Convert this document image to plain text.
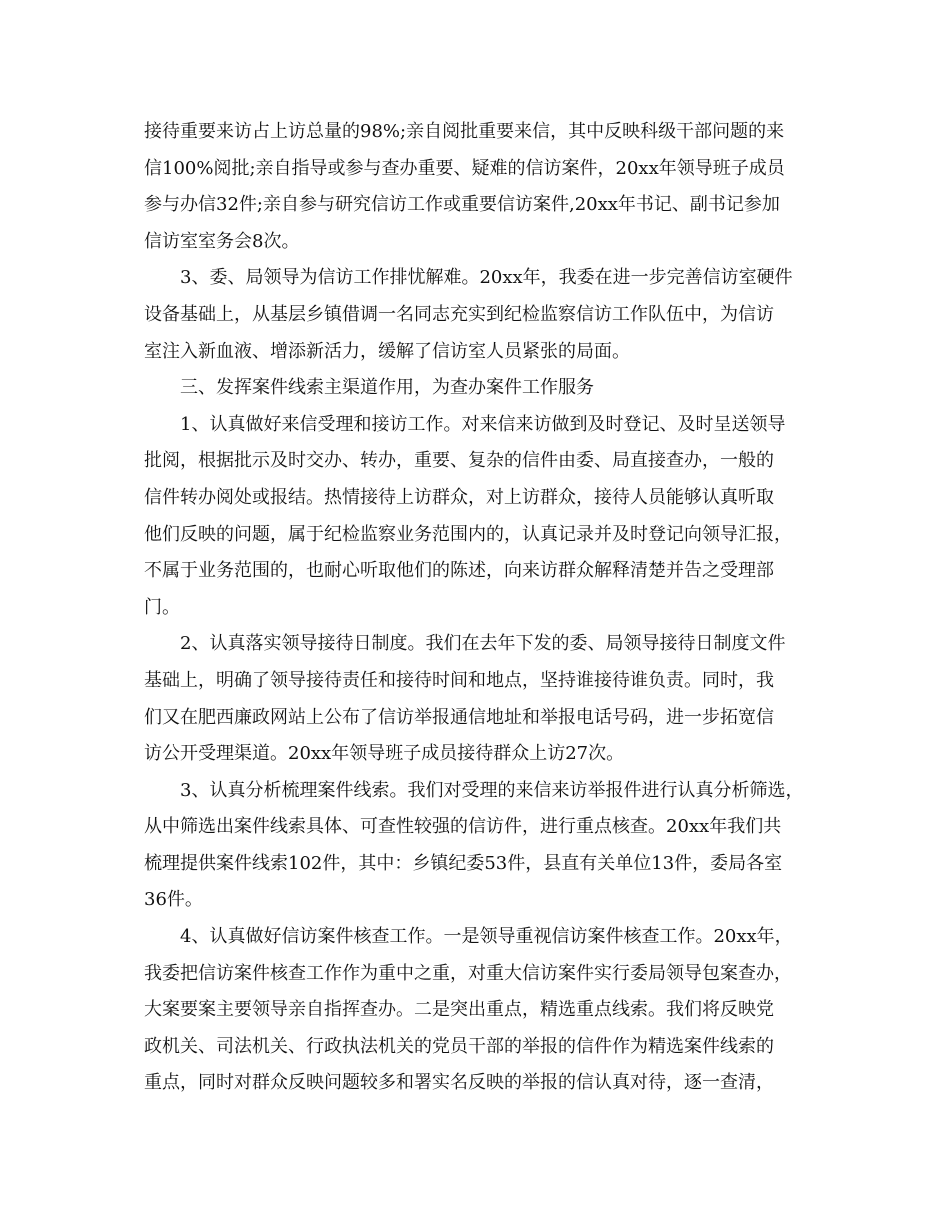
接待重要来访占上访总量的98%;亲自阅批重要来信，其中反映科级干部问题的来
信100%阅批;亲自指导或参与查办重要、疑难的信访案件，20xx年领导班子成员
参与办信32件;亲自参与研究信访工作或重要信访案件,20xx年书记、副书记参加
信访室室务会8次。
3、委、局领导为信访工作排忧解难。20xx年，我委在进一步完善信访室硬件
设备基础上，从基层乡镇借调一名同志充实到纪检监察信访工作队伍中，为信访
室注入新血液、增添新活力，缓解了信访室人员紧张的局面。
三、发挥案件线索主渠道作用，为查办案件工作服务
1、认真做好来信受理和接访工作。对来信来访做到及时登记、及时呈送领导
批阅，根据批示及时交办、转办，重要、复杂的信件由委、局直接查办，一般的
信件转办阅处或报结。热情接待上访群众，对上访群众，接待人员能够认真听取
他们反映的问题，属于纪检监察业务范围内的，认真记录并及时登记向领导汇报，
不属于业务范围的，也耐心听取他们的陈述，向来访群众解释清楚并告之受理部
门。
2、认真落实领导接待日制度。我们在去年下发的委、局领导接待日制度文件
基础上，明确了领导接待责任和接待时间和地点，坚持谁接待谁负责。同时，我
们又在肥西廉政网站上公布了信访举报通信地址和举报电话号码，进一步拓宽信
访公开受理渠道。20xx年领导班子成员接待群众上访27次。
3、认真分析梳理案件线索。我们对受理的来信来访举报件进行认真分析筛选，
从中筛选出案件线索具体、可查性较强的信访件，进行重点核查。20xx年我们共
梳理提供案件线索102件，其中：乡镇纪委53件，县直有关单位13件，委局各室
36件。
4、认真做好信访案件核查工作。一是领导重视信访案件核查工作。20xx年，
我委把信访案件核查工作作为重中之重，对重大信访案件实行委局领导包案查办，
大案要案主要领导亲自指挥查办。二是突出重点，精选重点线索。我们将反映党
政机关、司法机关、行政执法机关的党员干部的举报的信件作为精选案件线索的
重点，同时对群众反映问题较多和署实名反映的举报的信认真对待，逐一查清，
